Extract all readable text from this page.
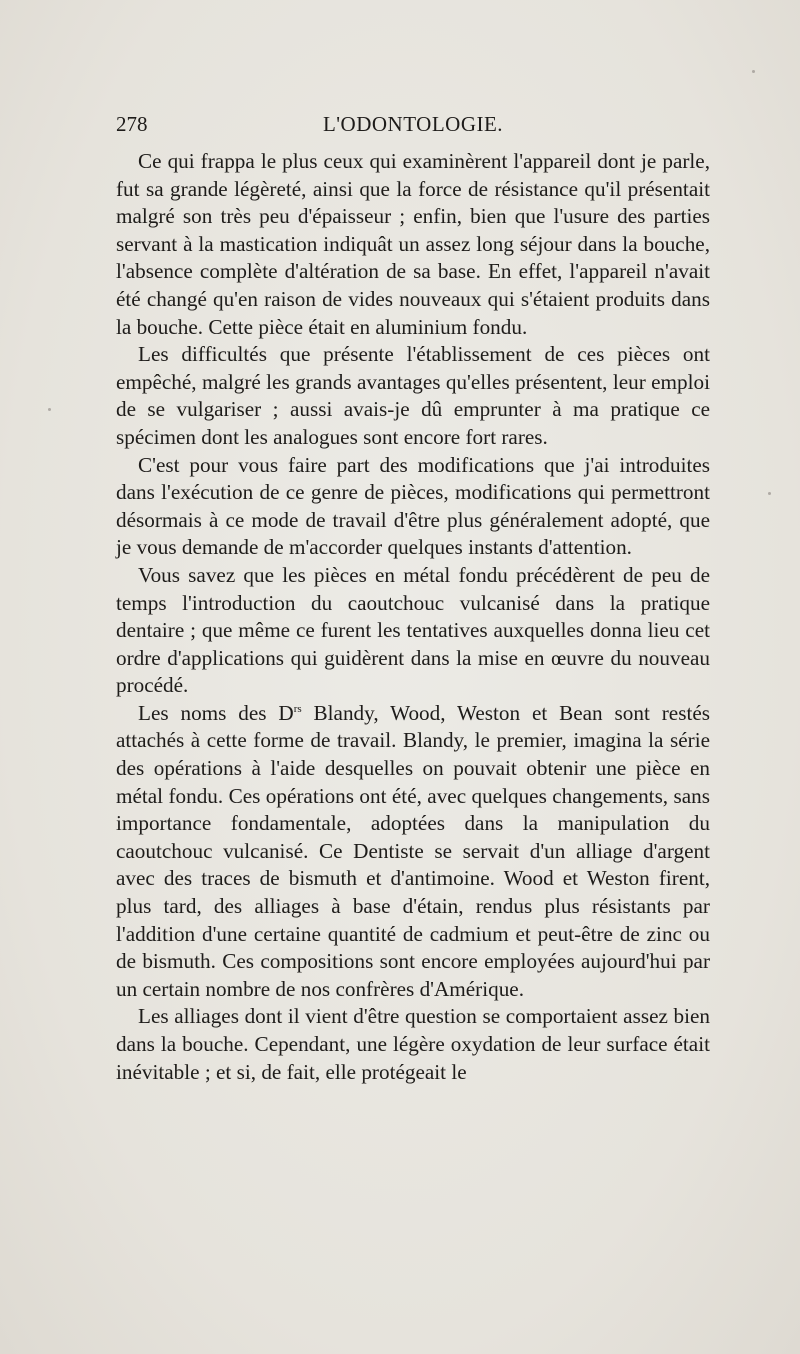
278	L'ODONTOLOGIE.

Ce qui frappa le plus ceux qui examinèrent l'appareil dont je parle, fut sa grande légèreté, ainsi que la force de résistance qu'il présentait malgré son très peu d'épaisseur ; enfin, bien que l'usure des parties servant à la mastication indiquât un assez long séjour dans la bouche, l'absence complète d'altération de sa base. En effet, l'appareil n'avait été changé qu'en raison de vides nouveaux qui s'étaient produits dans la bouche. Cette pièce était en aluminium fondu.

Les difficultés que présente l'établissement de ces pièces ont empêché, malgré les grands avantages qu'elles présentent, leur emploi de se vulgariser ; aussi avais-je dû emprunter à ma pratique ce spécimen dont les analogues sont encore fort rares.

C'est pour vous faire part des modifications que j'ai introduites dans l'exécution de ce genre de pièces, modifications qui permettront désormais à ce mode de travail d'être plus généralement adopté, que je vous demande de m'accorder quelques instants d'attention.

Vous savez que les pièces en métal fondu précédèrent de peu de temps l'introduction du caoutchouc vulcanisé dans la pratique dentaire ; que même ce furent les tentatives auxquelles donna lieu cet ordre d'applications qui guidèrent dans la mise en œuvre du nouveau procédé.

Les noms des $D^{rs}$ Blandy, Wood, Weston et Bean sont restés attachés à cette forme de travail. Blandy, le premier, imagina la série des opérations à l'aide desquelles on pouvait obtenir une pièce en métal fondu. Ces opérations ont été, avec quelques changements, sans importance fondamentale, adoptées dans la manipulation du caoutchouc vulcanisé. Ce Dentiste se servait d'un alliage d'argent avec des traces de bismuth et d'antimoine. Wood et Weston firent, plus tard, des alliages à base d'étain, rendus plus résistants par l'addition d'une certaine quantité de cadmium et peut-être de zinc ou de bismuth. Ces compositions sont encore employées aujourd'hui par un certain nombre de nos confrères d'Amérique.

Les alliages dont il vient d'être question se comportaient assez bien dans la bouche. Cependant, une légère oxydation de leur surface était inévitable ; et si, de fait, elle protégeait le
